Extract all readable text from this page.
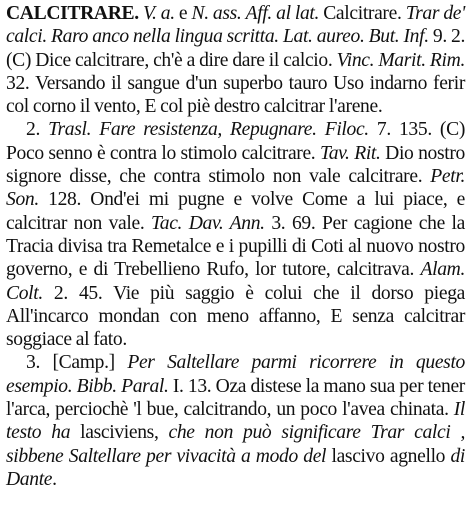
CALCITRARE. V. a. e N. ass. Aff. al lat. Calcitrare. Trar de' calci. Raro anco nella lingua scritta. Lat. aureo. But. Inf. 9. 2. (C) Dice calcitrare, ch'è a dire dare il calcio. Vinc. Marit. Rim. 32. Versando il sangue d'un superbo tauro Uso indarno ferir col corno il vento, E col piè destro calcitrar l'arene.

2. Trasl. Fare resistenza, Repugnare. Filoc. 7. 135. (C) Poco senno è contra lo stimolo calcitrare. Tav. Rit. Dio nostro signore disse, che contra stimolo non vale calcitrare. Petr. Son. 128. Ond'ei mi pugne e volve Come a lui piace, e calcitrar non vale. Tac. Dav. Ann. 3. 69. Per cagione che la Tracia divisa tra Remetalce e i pupilli di Coti al nuovo nostro governo, e di Trebellieno Rufo, lor tutore, calcitrava. Alam. Colt. 2. 45. Vie più saggio è colui che il dorso piega All'incarco mondan con meno affanno, E senza calcitrar soggiace al fato.

3. [Camp.] Per Saltellare parmi ricorrere in questo esempio. Bibb. Paral. I. 13. Oza distese la mano sua per tener l'arca, perciochè 'l bue, calcitrando, un poco l'avea chinata. Il testo ha lasciviens, che non può significare Trar calci , sibbene Saltellare per vivacità a modo del lascivo agnello di Dante.
